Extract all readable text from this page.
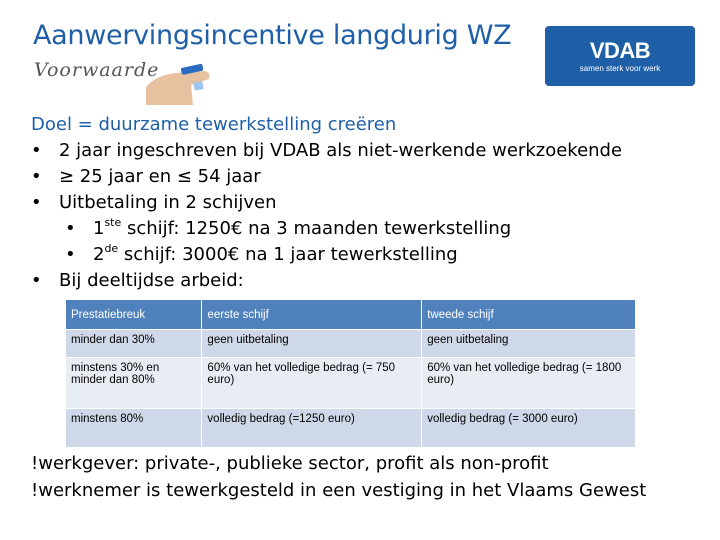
Aanwervingsincentive langdurig WZ
Voorwaarde
VDAB
samen sterk voor werk
Doel = duurzame tewerkstelling creëren
• 2 jaar ingeschreven bij VDAB als niet-werkende werkzoekende
• ≥ 25 jaar en ≤ 54 jaar
• Uitbetaling in 2 schijven
• 1ste schijf: 1250€ na 3 maanden tewerkstelling
• 2de schijf: 3000€ na 1 jaar tewerkstelling
• Bij deeltijdse arbeid:
Prestatiebreuk	eerste schijf	tweede schijf
minder dan 30%	geen uitbetaling	geen uitbetaling
minstens 30% en minder dan 80%	60% van het volledige bedrag (= 750 euro)	60% van het volledige bedrag (= 1800 euro)
minstens 80%	volledig bedrag (=1250 euro)	volledig bedrag (= 3000 euro)
!werkgever: private-, publieke sector, profit als non-profit
!werknemer is tewerkgesteld in een vestiging in het Vlaams Gewest
